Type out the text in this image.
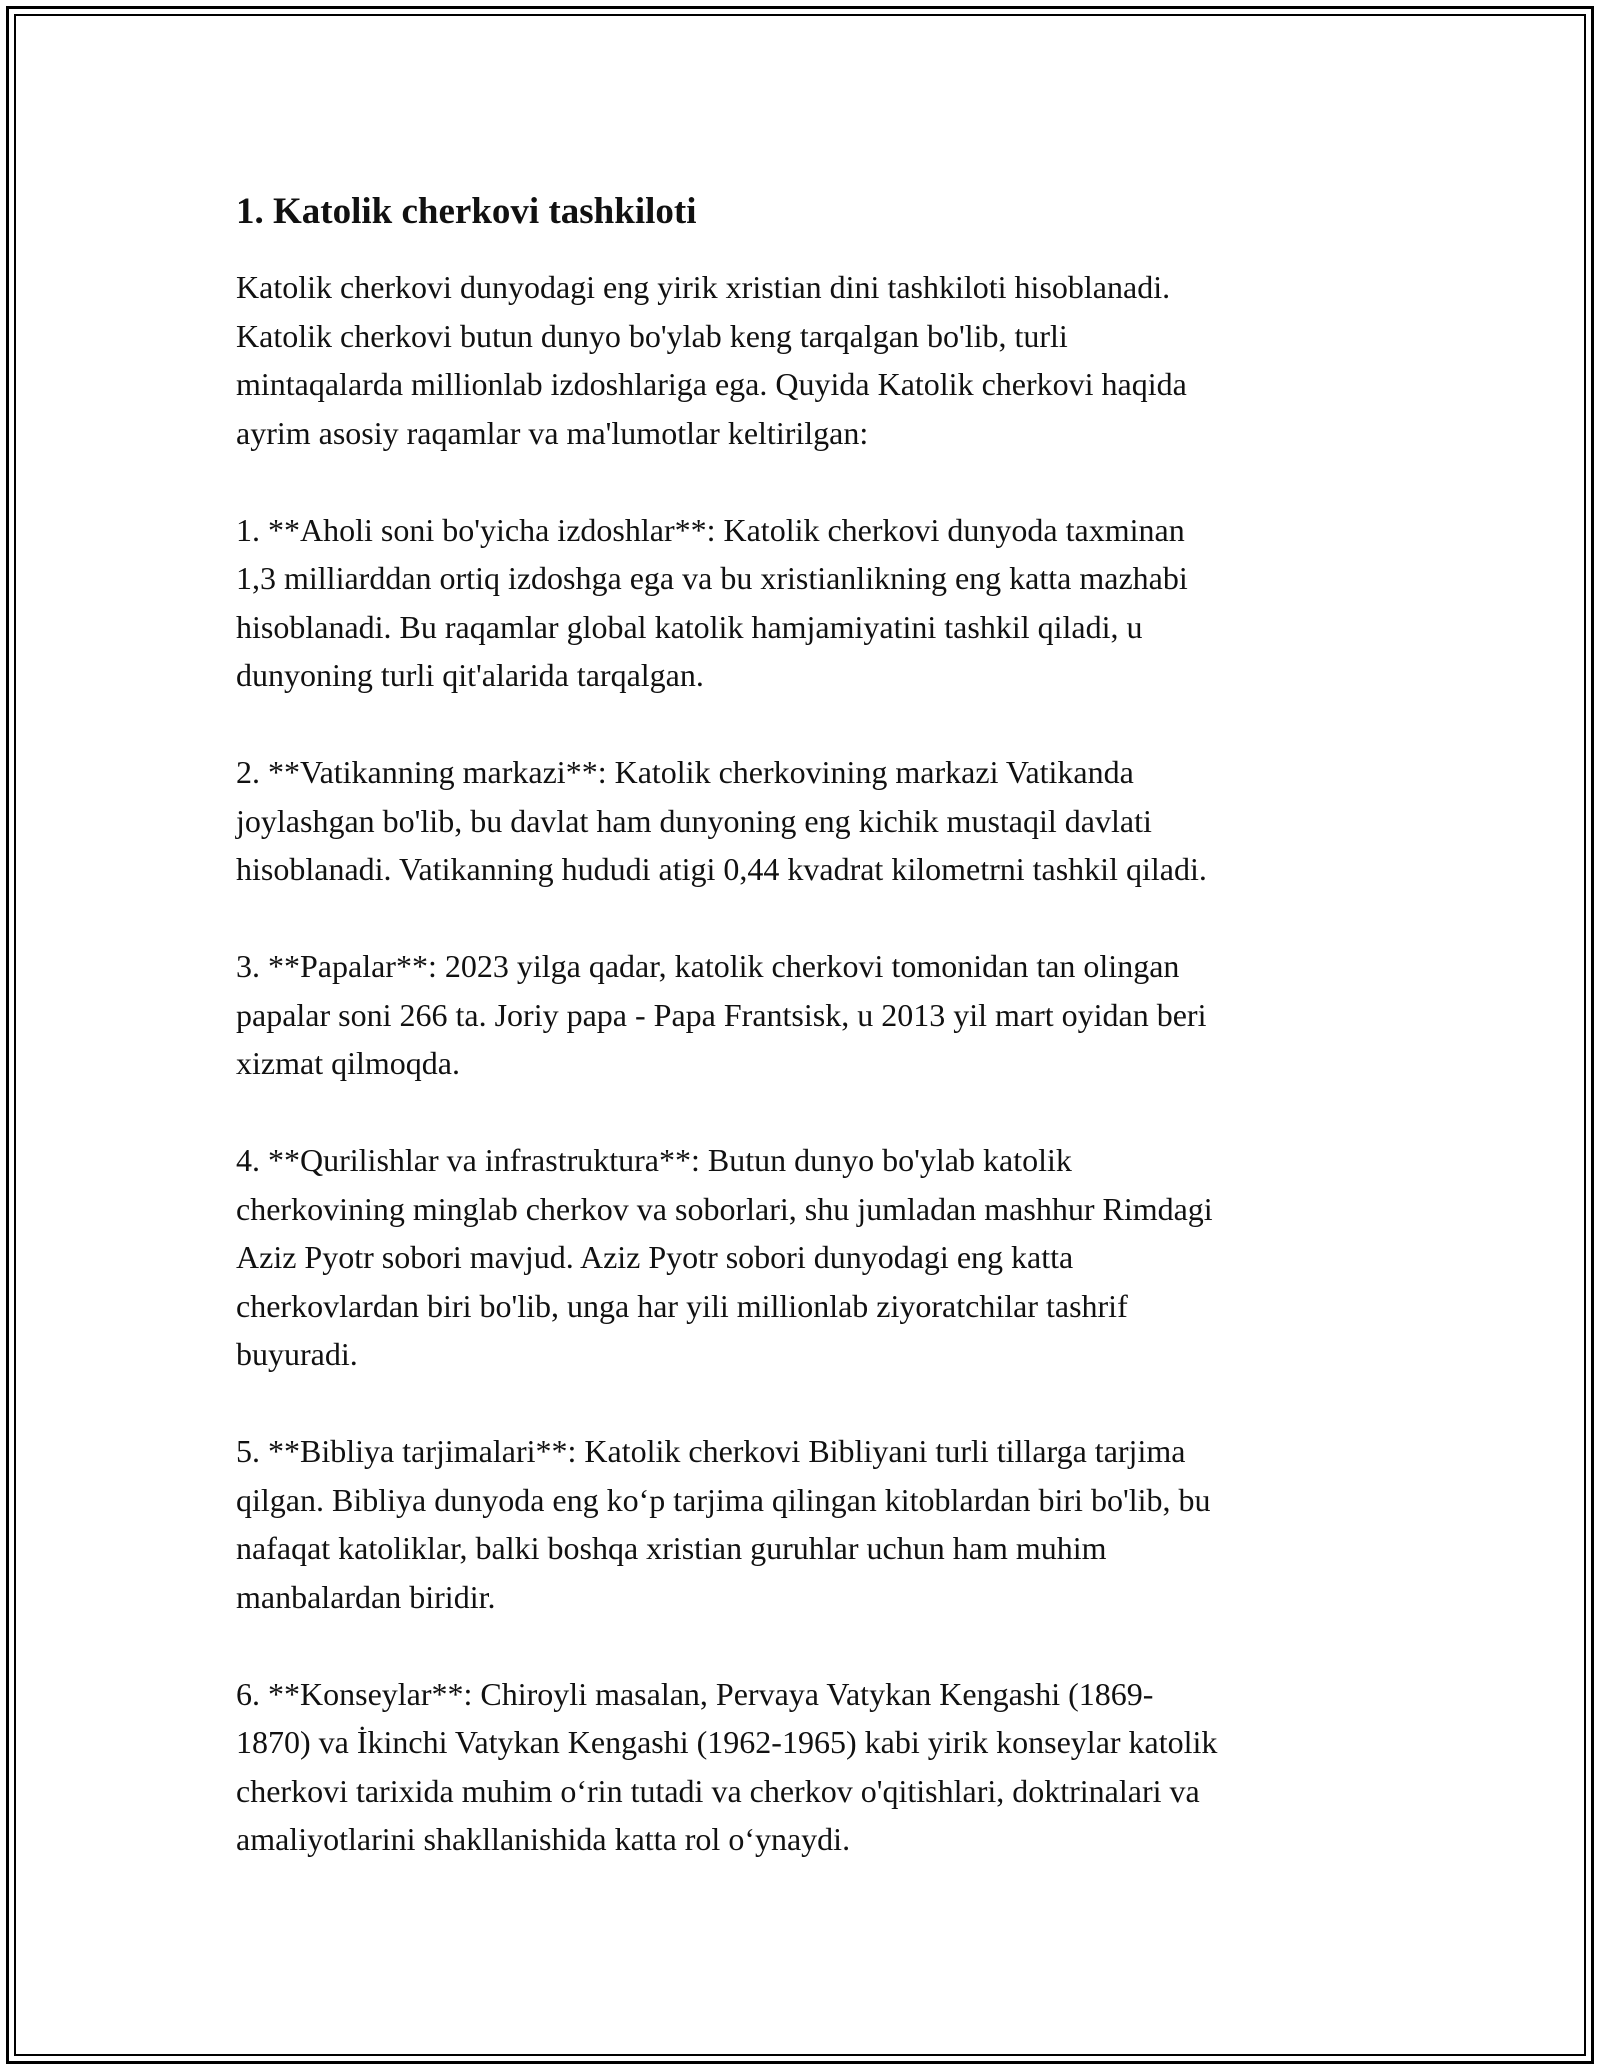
1. Katolik cherkovi tashkiloti

Katolik cherkovi dunyodagi eng yirik xristian dini tashkiloti hisoblanadi.
Katolik cherkovi butun dunyo bo'ylab keng tarqalgan bo'lib, turli
mintaqalarda millionlab izdoshlariga ega. Quyida Katolik cherkovi haqida
ayrim asosiy raqamlar va ma'lumotlar keltirilgan:

1. **Aholi soni bo'yicha izdoshlar**: Katolik cherkovi dunyoda taxminan
1,3 milliarddan ortiq izdoshga ega va bu xristianlikning eng katta mazhabi
hisoblanadi. Bu raqamlar global katolik hamjamiyatini tashkil qiladi, u
dunyoning turli qit'alarida tarqalgan.

2. **Vatikanning markazi**: Katolik cherkovining markazi Vatikanda
joylashgan bo'lib, bu davlat ham dunyoning eng kichik mustaqil davlati
hisoblanadi. Vatikanning hududi atigi 0,44 kvadrat kilometrni tashkil qiladi.

3. **Papalar**: 2023 yilga qadar, katolik cherkovi tomonidan tan olingan
papalar soni 266 ta. Joriy papa - Papa Frantsisk, u 2013 yil mart oyidan beri
xizmat qilmoqda.

4. **Qurilishlar va infrastruktura**: Butun dunyo bo'ylab katolik
cherkovining minglab cherkov va soborlari, shu jumladan mashhur Rimdagi
Aziz Pyotr sobori mavjud. Aziz Pyotr sobori dunyodagi eng katta
cherkovlardan biri bo'lib, unga har yili millionlab ziyoratchilar tashrif
buyuradi.

5. **Bibliya tarjimalari**: Katolik cherkovi Bibliyani turli tillarga tarjima
qilgan. Bibliya dunyoda eng koʻp tarjima qilingan kitoblardan biri bo'lib, bu
nafaqat katoliklar, balki boshqa xristian guruhlar uchun ham muhim
manbalardan biridir.

6. **Konseylar**: Chiroyli masalan, Pervaya Vatykan Kengashi (1869-
1870) va İkinchi Vatykan Kengashi (1962-1965) kabi yirik konseylar katolik
cherkovi tarixida muhim oʻrin tutadi va cherkov o'qitishlari, doktrinalari va
amaliyotlarini shakllanishida katta rol oʻynaydi.
